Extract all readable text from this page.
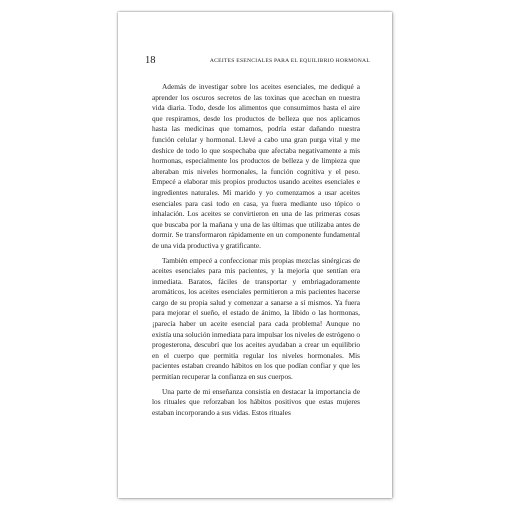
18	ACEITES ESENCIALES PARA EL EQUILIBRIO HORMONAL

Además de investigar sobre los aceites esenciales, me dediqué a aprender los oscuros secretos de las toxinas que acechan en nuestra vida diaria. Todo, desde los alimentos que consumimos hasta el aire que respiramos, desde los productos de belleza que nos aplicamos hasta las medicinas que tomamos, podría estar dañando nuestra función celular y hormonal. Llevé a cabo una gran purga vital y me deshice de todo lo que sospechaba que afectaba negativamente a mis hormonas, especialmente los productos de belleza y de limpieza que alteraban mis niveles hormonales, la función cognitiva y el peso. Empecé a elaborar mis propios productos usando aceites esenciales e ingredientes naturales. Mi marido y yo comenzamos a usar aceites esenciales para casi todo en casa, ya fuera mediante uso tópico o inhalación. Los aceites se convirtieron en una de las primeras cosas que buscaba por la mañana y una de las últimas que utilizaba antes de dormir. Se transformaron rápidamente en un componente fundamental de una vida productiva y gratificante.

También empecé a confeccionar mis propias mezclas sinérgicas de aceites esenciales para mis pacientes, y la mejoría que sentían era inmediata. Baratos, fáciles de transportar y embriagadoramente aromáticos, los aceites esenciales permitieron a mis pacientes hacerse cargo de su propia salud y comenzar a sanarse a sí mismos. Ya fuera para mejorar el sueño, el estado de ánimo, la libido o las hormonas, ¡parecía haber un aceite esencial para cada problema! Aunque no existía una solución inmediata para impulsar los niveles de estrógeno o progesterona, descubrí que los aceites ayudaban a crear un equilibrio en el cuerpo que permitía regular los niveles hormonales. Mis pacientes estaban creando hábitos en los que podían confiar y que les permitían recuperar la confianza en sus cuerpos.

Una parte de mi enseñanza consistía en destacar la importancia de los rituales que reforzaban los hábitos positivos que estas mujeres estaban incorporando a sus vidas. Estos rituales
